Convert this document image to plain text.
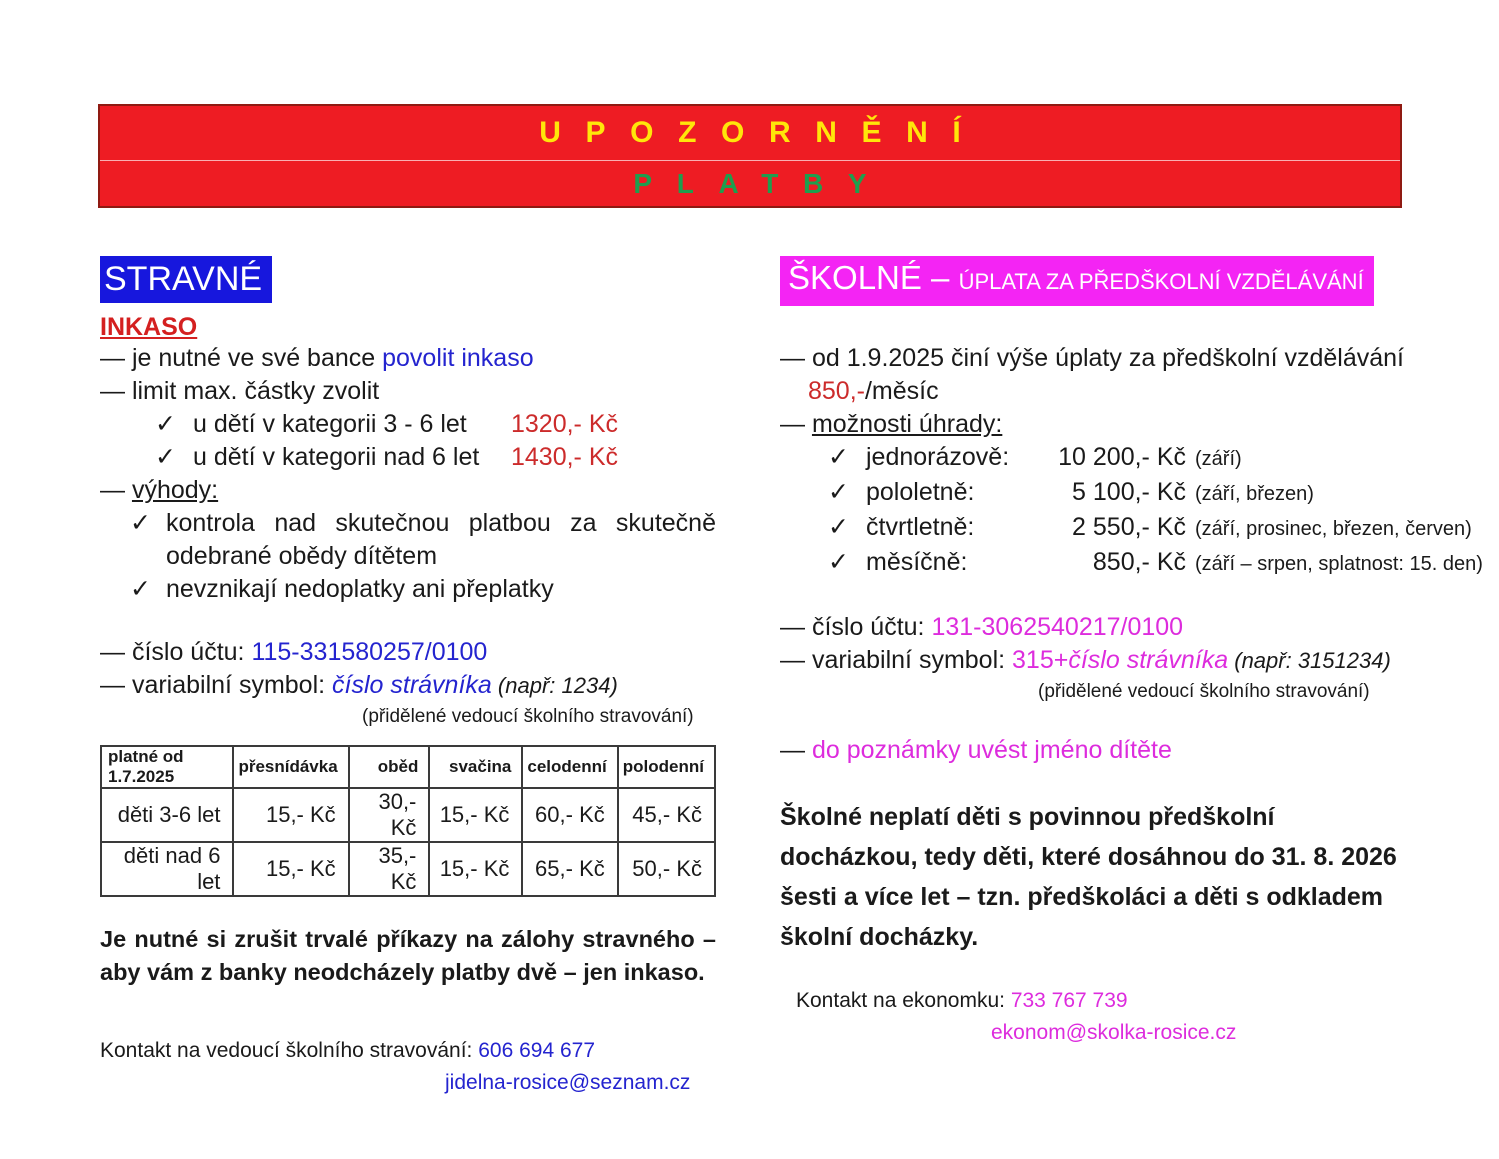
UPOZORNĚNÍ
PLATBY
STRAVNÉ
INKASO
— je nutné ve své bance povolit inkaso
— limit max. částky zvolit
✓ u dětí v kategorii 3 - 6 let	1320,- Kč
✓ u dětí v kategorii nad 6 let	1430,- Kč
— výhody:
✓ kontrola nad skutečnou platbou za skutečně odebrané obědy dítětem

✓ nevznikají nedoplatky ani přeplatky

— číslo účtu: 115-331580257/0100
— variabilní symbol: číslo strávníka (např: 1234)
(přidělené vedoucí školního stravování)
platné od 1.7.2025	přesnídávka	oběd	svačina	celodenní	polodenní
děti 3-6 let	15,- Kč	30,- Kč	15,- Kč	60,- Kč	45,- Kč
děti nad 6 let	15,- Kč	35,- Kč	15,- Kč	65,- Kč	50,- Kč

Je nutné si zrušit trvalé příkazy na zálohy stravného – aby vám z banky neodcházely platby dvě – jen inkaso.

Kontakt na vedoucí školního stravování: 606 694 677
jidelna-rosice@seznam.cz
ŠKOLNÉ – ÚPLATA ZA PŘEDŠKOLNÍ VZDĚLÁVÁNÍ
— od 1.9.2025 činí výše úplaty za předškolní vzdělávání
850,-/měsíc
— možnosti úhrady:
✓ jednorázově:	10 200,- Kč (září)
✓ pololetně:	5 100,- Kč (září, březen)
✓ čtvrtletně:	2 550,- Kč (září, prosinec, březen, červen)
✓ měsíčně:	850,- Kč (září – srpen, splatnost: 15. den)
— číslo účtu: 131-3062540217/0100
— variabilní symbol: 315+číslo strávníka (např: 3151234)
(přidělené vedoucí školního stravování)
— do poznámky uvést jméno dítěte

Školné neplatí děti s povinnou předškolní docházkou, tedy děti, které dosáhnou do 31. 8. 2026 šesti a více let – tzn. předškoláci a děti s odkladem školní docházky.

Kontakt na ekonomku: 733 767 739
ekonom@skolka-rosice.cz
